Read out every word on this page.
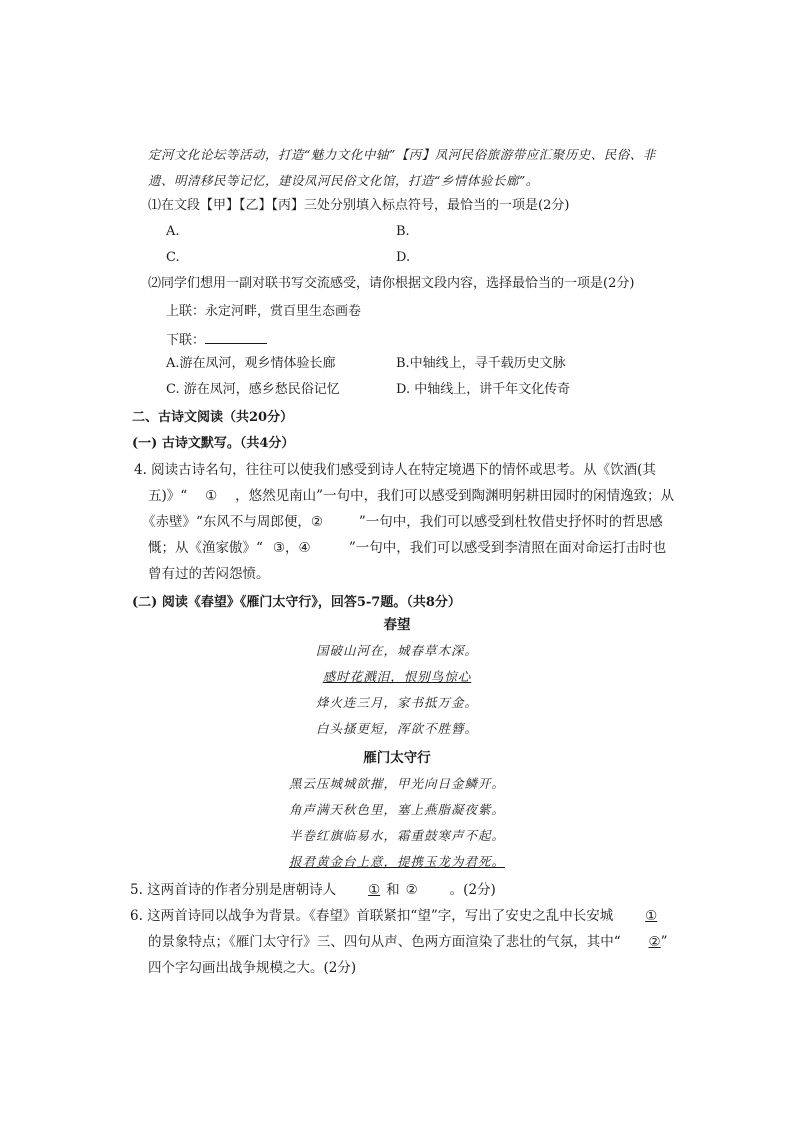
定河文化论坛等活动，打造“魅力文化中轴”【丙】凤河民俗旅游带应汇聚历史、民俗、非
遗、明清移民等记忆，建设凤河民俗文化馆，打造“乡情体验长廊”。
⑴在文段【甲】【乙】【丙】三处分别填入标点符号，最恰当的一项是(2分)
A.	B.
C.	D.
⑵同学们想用一副对联书写交流感受，请你根据文段内容，选择最恰当的一项是(2分)
上联：永定河畔，赏百里生态画卷
下联：
A.游在凤河，观乡情体验长廊	B.中轴线上，寻千载历史文脉
C. 游在凤河，感乡愁民俗记忆	D. 中轴线上，讲千年文化传奇
二、古诗文阅读（共20分）
(一) 古诗文默写。（共4分）
4. 阅读古诗名句，往往可以使我们感受到诗人在特定境遇下的情怀或思考。从《饮酒(其
五)》“ ① ，悠然见南山”一句中，我们可以感受到陶渊明躬耕田园时的闲情逸致；从
《赤壁》“东风不与周郎便，②	”一句中，我们可以感受到杜牧借史抒怀时的哲思感
慨；从《渔家傲》“ ③，④	”一句中，我们可以感受到李清照在面对命运打击时也
曾有过的苦闷怨愤。
(二) 阅读《春望》《雁门太守行》，回答5-7题。（共8分）
春望
国破山河在，城春草木深。
感时花溅泪，恨别鸟惊心
烽火连三月，家书抵万金。
白头搔更短，浑欲不胜簪。
雁门太守行
黑云压城城欲摧，甲光向日金鳞开。
角声满天秋色里，塞上燕脂凝夜紫。
半卷红旗临易水，霜重鼓寒声不起。
报君黄金台上意，提携玉龙为君死。
5. 这两首诗的作者分别是唐朝诗人 ① 和 ② 。(2分)
6. 这两首诗同以战争为背景。《春望》首联紧扣“望”字，写出了安史之乱中长安城 ①
的景象特点；《雁门太守行》三、四句从声、色两方面渲染了悲壮的气氛，其中“ ②”
四个字勾画出战争规模之大。(2分)
